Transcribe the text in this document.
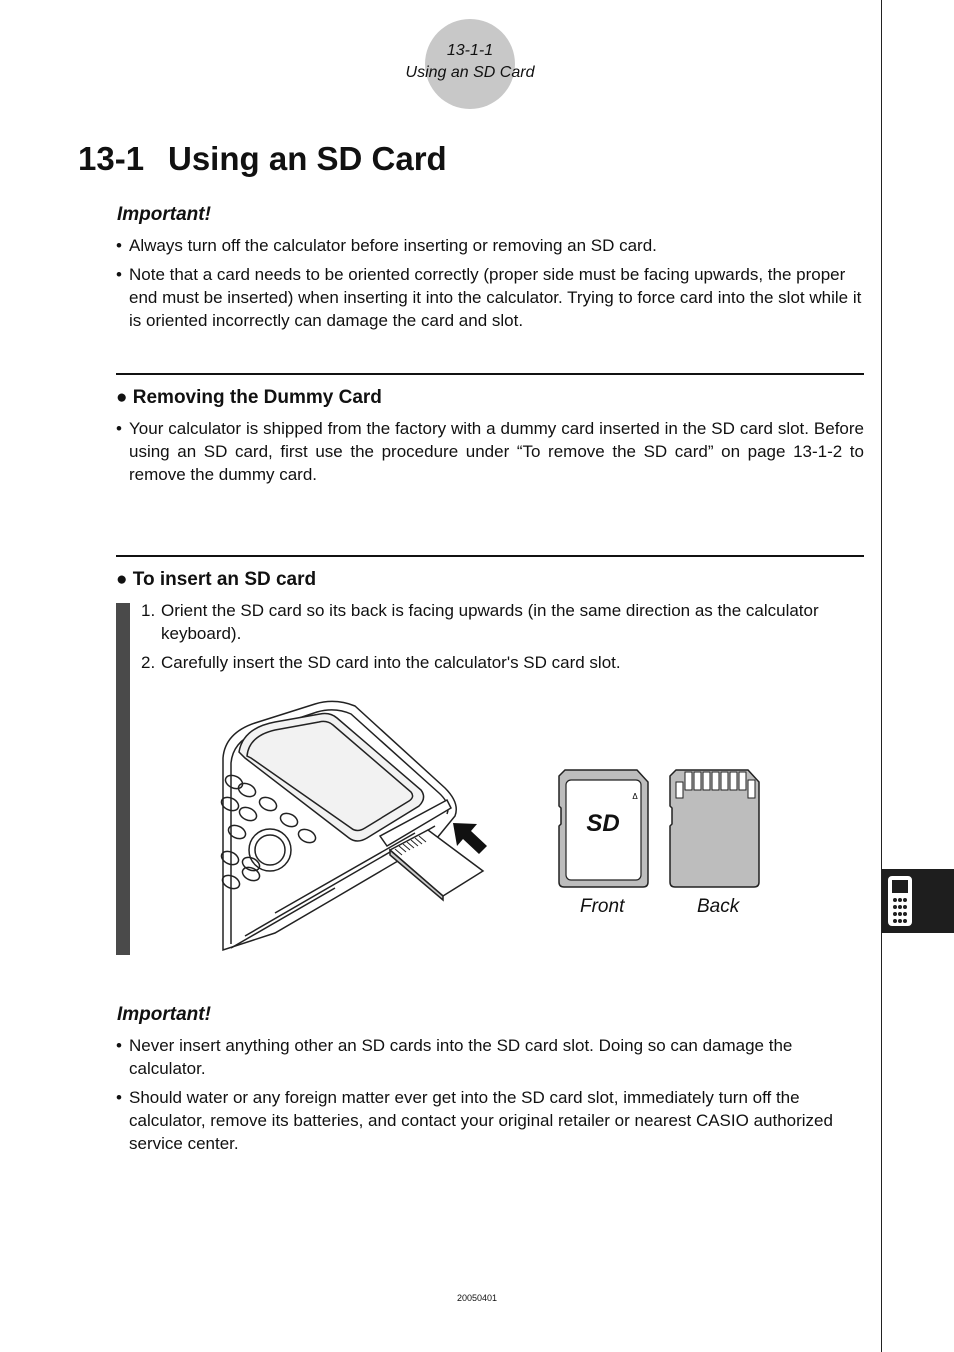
13-1-1
Using an SD Card
13-1 Using an SD Card
Important!
• Always turn off the calculator before inserting or removing an SD card.
• Note that a card needs to be oriented correctly (proper side must be facing upwards, the proper end must be inserted) when inserting it into the calculator. Trying to force card into the slot while it is oriented incorrectly can damage the card and slot.
● Removing the Dummy Card
• Your calculator is shipped from the factory with a dummy card inserted in the SD card slot. Before using an SD card, first use the procedure under “To remove the SD card” on page 13-1-2 to remove the dummy card.
● To insert an SD card
1. Orient the SD card so its back is facing upwards (in the same direction as the calculator keyboard).
2. Carefully insert the SD card into the calculator's SD card slot.
Δ
SD
Front	Back
Important!
• Never insert anything other an SD cards into the SD card slot. Doing so can damage the calculator.
• Should water or any foreign matter ever get into the SD card slot, immediately turn off the calculator, remove its batteries, and contact your original retailer or nearest CASIO authorized service center.
20050401
